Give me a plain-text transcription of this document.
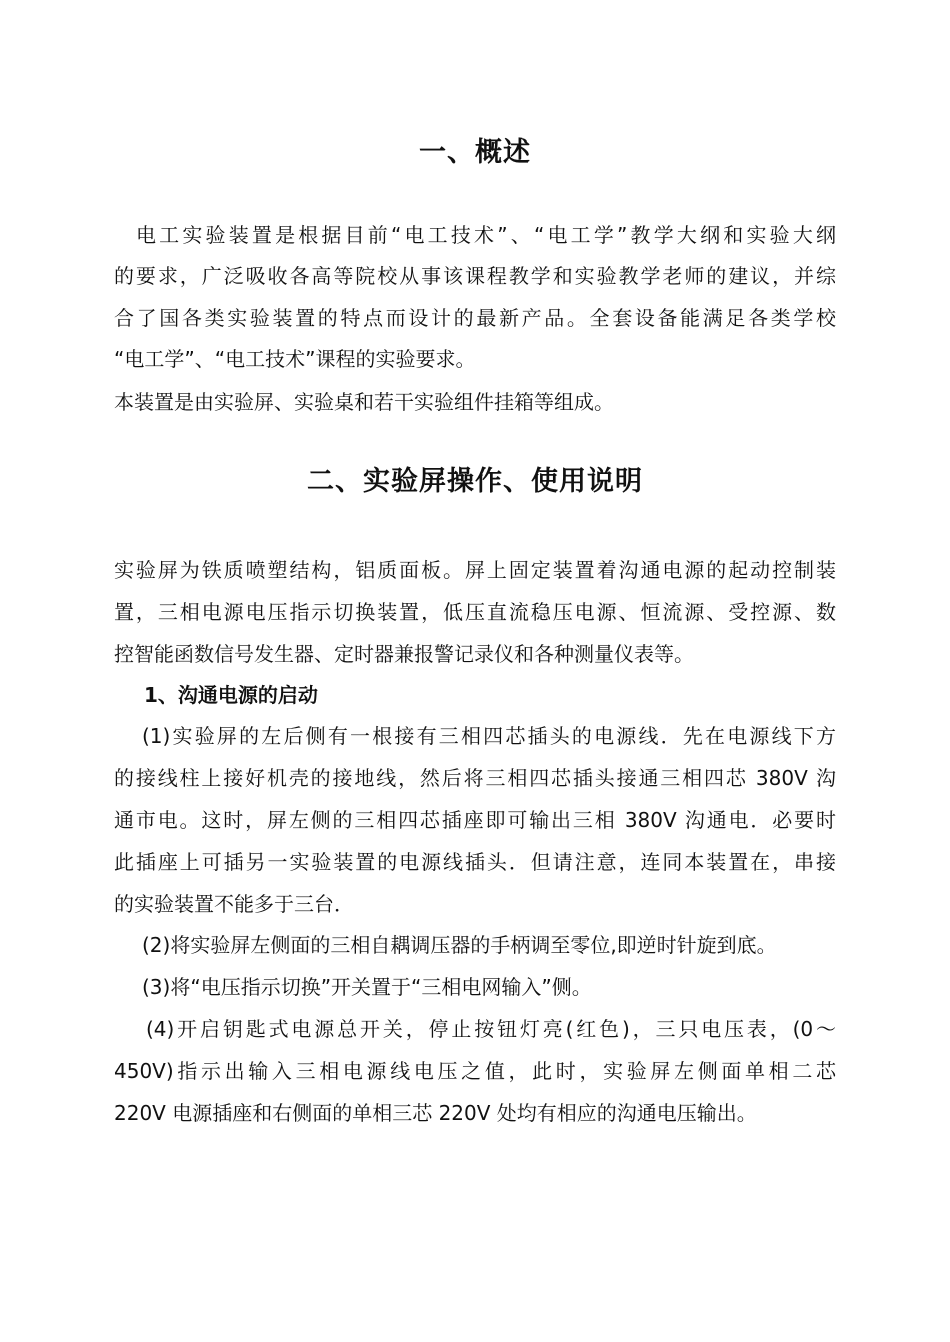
一、概述
电工实验装置是根据目前“电工技术”、“电工学”教学大纲和实验大纲
的要求，广泛吸收各高等院校从事该课程教学和实验教学老师的建议，并综
合了国各类实验装置的特点而设计的最新产品。全套设备能满足各类学校
“电工学”、“电工技术”课程的实验要求。
本装置是由实验屏、实验桌和若干实验组件挂箱等组成。
二、实验屏操作、使用说明
实验屏为铁质喷塑结构，铝质面板。屏上固定装置着沟通电源的起动控制装
置，三相电源电压指示切换装置，低压直流稳压电源、恒流源、受控源、数
控智能函数信号发生器、定时器兼报警记录仪和各种测量仪表等。
1、沟通电源的启动
(1)实验屏的左后侧有一根接有三相四芯插头的电源线．先在电源线下方
的接线柱上接好机壳的接地线，然后将三相四芯插头接通三相四芯 380V 沟
通市电。这时，屏左侧的三相四芯插座即可输出三相 380V 沟通电．必要时
此插座上可插另一实验装置的电源线插头．但请注意，连同本装置在，串接
的实验装置不能多于三台．
(2)将实验屏左侧面的三相自耦调压器的手柄调至零位,即逆时针旋到底。
(3)将“电压指示切换”开关置于“三相电网输入”侧。
(4)开启钥匙式电源总开关，停止按钮灯亮(红色)，三只电压表，(0～
450V)指示出输入三相电源线电压之值，此时，实验屏左侧面单相二芯
220V 电源插座和右侧面的单相三芯 220V 处均有相应的沟通电压输出。
